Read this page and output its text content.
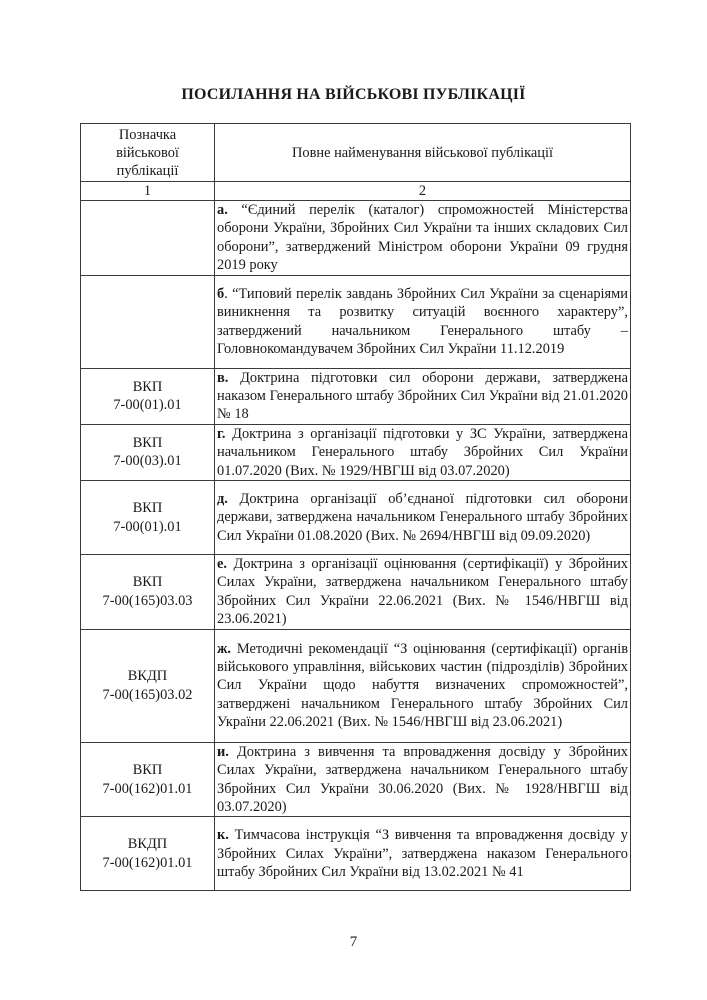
ПОСИЛАННЯ НА ВІЙСЬКОВІ ПУБЛІКАЦІЇ
Позначка військової публікації	Повне найменування військової публікації
1	2

	а. “Єдиний перелік (каталог) спроможностей Міністерства оборони України, Збройних Сил України та інших складових Сил оборони”, затверджений Міністром оборони України 09 грудня 2019 року

	б. “Типовий перелік завдань Збройних Сил України за сценаріями виникнення та розвитку ситуацій воєнного характеру”, затверджений начальником Генерального штабу – Головнокомандувачем Збройних Сил України 11.12.2019

ВКП
7-00(01).01	в. Доктрина підготовки сил оборони держави, затверджена наказом Генерального штабу Збройних Сил України від 21.01.2020 № 18

ВКП
7-00(03).01	г. Доктрина з організації підготовки у ЗС України, затверджена начальником Генерального штабу Збройних Сил України 01.07.2020 (Вих. № 1929/НВГШ від 03.07.2020)

ВКП
7-00(01).01	д. Доктрина організації об’єднаної підготовки сил оборони держави, затверджена начальником Генерального штабу Збройних Сил України 01.08.2020 (Вих. № 2694/НВГШ від 09.09.2020)

ВКП
7-00(165)03.03	е. Доктрина з організації оцінювання (сертифікації) у Збройних Силах України, затверджена начальником Генерального штабу Збройних Сил України 22.06.2021 (Вих. № 1546/НВГШ від 23.06.2021)

ВКДП
7-00(165)03.02	ж. Методичні рекомендації “З оцінювання (сертифікації) органів військового управління, військових частин (підрозділів) Збройних Сил України щодо набуття визначених спроможностей”, затверджені начальником Генерального штабу Збройних Сил України 22.06.2021 (Вих. № 1546/НВГШ від 23.06.2021)

ВКП
7-00(162)01.01	и. Доктрина з вивчення та впровадження досвіду у Збройних Силах України, затверджена начальником Генерального штабу Збройних Сил України 30.06.2020 (Вих. № 1928/НВГШ від 03.07.2020)

ВКДП
7-00(162)01.01	к. Тимчасова інструкція “З вивчення та впровадження досвіду у Збройних Силах України”, затверджена наказом Генерального штабу Збройних Сил України від 13.02.2021 № 41
7
